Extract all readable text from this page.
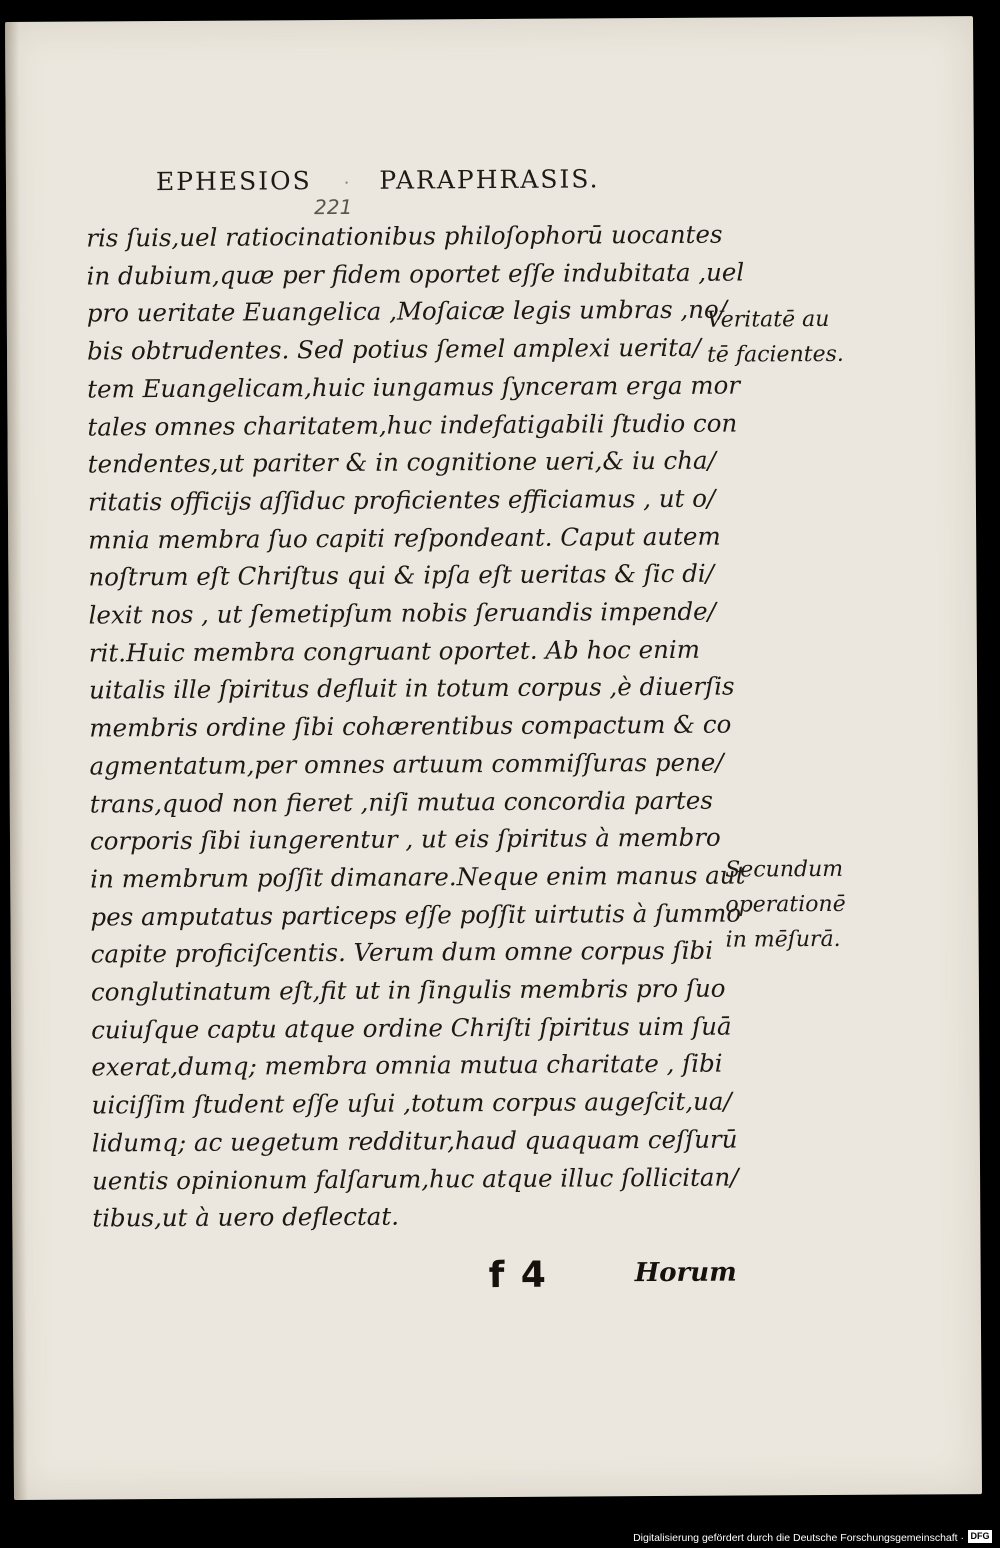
EPHESIOS · PARAPHRASIS.
221
ris ſuis,uel ratiocinationibus philoſophorū uocantes
in dubium,quæ per fidem oportet eſſe indubitata ,uel
pro ueritate Euangelica ,Moſaicæ legis umbras ,no/
bis obtrudentes. Sed potius ſemel amplexi uerita/
tem Euangelicam,huic iungamus ſynceram erga mor
tales omnes charitatem,huc indefatigabili ſtudio con
tendentes,ut pariter & in cognitione ueri,& iu cha/
ritatis officijs aſſiduc proficientes efficiamus , ut o/
mnia membra ſuo capiti reſpondeant. Caput autem
noſtrum eſt Chriſtus qui & ipſa eſt ueritas & ſic di/
lexit nos , ut ſemetipſum nobis ſeruandis impende/
rit.Huic membra congruant oportet. Ab hoc enim
uitalis ille ſpiritus defluit in totum corpus ,è diuerſis
membris ordine ſibi cohærentibus compactum & co
agmentatum,per omnes artuum commiſſuras pene/
trans,quod non fieret ,niſi mutua concordia partes
corporis ſibi iungerentur , ut eis ſpiritus à membro
in membrum poſſit dimanare.Neque enim manus aut
pes amputatus particeps eſſe poſſit uirtutis à ſummo
capite proficiſcentis. Verum dum omne corpus ſibi
conglutinatum eſt,fit ut in ſingulis membris pro ſuo
cuiuſque captu atque ordine Chriſti ſpiritus uim ſuā
exerat,dumq; membra omnia mutua charitate , ſibi
uiciſſim ſtudent eſſe uſui ,totum corpus augeſcit,ua/
lidumq; ac uegetum redditur,haud quaquam ceſſurū
uentis opinionum falſarum,huc atque illuc ſollicitan/
tibus,ut à uero deflectat.
Veritatē au
tē facientes.
Secundum
operationē
in mēſurā.
f 4	Horum
Digitalisierung gefördert durch die Deutsche Forschungsgemeinschaft · DFG
